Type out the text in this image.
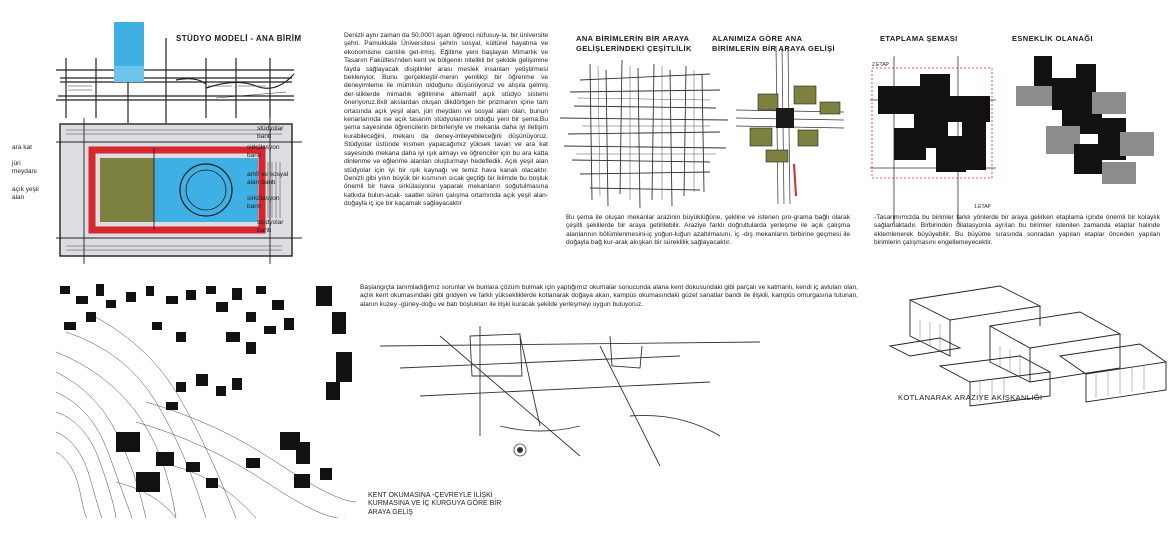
STÜDYO MODELİ - ANA BİRİM
ara kat
jüri
meydanı
açık yeşil
alan
stüdyolar
bantı
sirkülasyon
bantı
amfi ve sosyal
alan bantı
sirkülasyon
bantı
stüdyolar
bantı
Denizli aynı zaman da 50.000'i aşan öğrenci nüfusuy-la. bir üniversite şehri. Pamukkale Üniversitesi şehrin sosyal, kültürel hayatına ve ekonomisine canlılık get-irmiş. Eğitime yeni başlayan Mimarlık ve Tasarım Fakültesi'nden kent ve bölgenin nitelikli bir şekilde gelişimine fayda sağlayacak disiplinler arası meslek insanları yetiştirmesi beklenyior. Bunu gerçekleştir-menin yenilikçi bir öğrenme ve deneyimleme ile mümkün olduğunu düşünüyoruz ve alışıla gelmiş der-sliklerde mimarlık eğitimine alternatif açık stüdyo sistemi öneriyoruz.8x8 akslardan oluşan dikdörtgen bir prizmanın içine tam ortasında açık yeşil alan, jüri meydanı ve sosyal alan olan, bunun kenarlarında ise açık tasarım stüdyolarının olduğu yeni bir şema.Bu şema sayesinde öğrencilerin birbirleriyle ve mekanla daha iyi iletişim kurabileceğini, mekanı da deney-imleyebileceğini düşünüyoruz. Stüdyolar üstünde kısmen yapacağımız yüksek tavan ve ara kat sayesinde mekana daha iyi ışık almayı ve öğrenciler için bu ara katta dinlenme ve eğlenme alanları oluşturmayı hedefledik. Açık yeşil alan stüdyolar için iyi bir ışık kaynağı ve temiz hava kanalı olacaktır. Denizli gibi yılın büyük bir kısmının sıcak geçtiği bir iklimde bu boşluk önemli bir hava sirkülasyonu yaparak mekanların soğutulmasına katkıda bulun-acak- saatler süren çalışma ortamında açık yeşil alan-doğayla iç içe bir kaçamak sağlayacaktır
ANA BİRİMLERİN BİR ARAYA GELİŞLERİNDEKİ ÇEŞİTLİLİK
ALANIMIZA GÖRE ANA BİRİMLERİN BİR ARAYA GELİŞİ
ETAPLAMA ŞEMASI
2.ETAP
1.ETAP
ESNEKLİK OLANAĞI
Bu şema ile oluşan mekanlar arazinin büyüklüğüne, şekline ve istenen pro-grama bağlı olarak çeşitli şekillerde bir araya getirilebilir. Araziye farklı doğrultularda yerleşme ile açık çalışma alanlarının bölümlenmesini-iç yoğun-luğun azaltılmasını, iç -dış mekanların birbirine geçmesi ile doğayla bağ kur-arak akışkan bir süreklilik sağlayacaktır.
-Tasarımımızda bu birimler farklı yönlerde bir araya gelirken etaplama içinde önemli bir kolaylık sağlamaktadır. Birbirinden dilatasyonla ayrılan bu birimler istenilen zamanda etaplar halinde eklemlenerek büyüyebilir. Bu büyüme sırasında sonradan yapılan etaplar önceden yapılan birimlerin çalışmasını engellemeyecektir.
Başlangıçta tanımladığımız sorunlar ve bunlara çözüm bulmak için yaptığımız okumalar sonucunda alana kent dokusundaki gibi parçalı ve katmanlı, kendi iç avluları olan, açlık kent okumasındaki gibi gridyen ve farklı yüksekliklerde kotlanarak doğaya akan, kampüs okumasındaki güzel sanatlar bandı ile ilişkili, kampüs omurgasına tutunan, alanın kuzey -güney-doğu ve batı boşlukları ile ilişki kuracak şekilde yerleşmeyi uygun buluyoruz.
KENT OKUMASINA -ÇEVREYLE İLİŞKİ KURMASINA VE İÇ KURGUYA GÖRE BİR ARAYA GELİŞ
KOTLANARAK ARAZİYE AKIŞKANLIĞI
